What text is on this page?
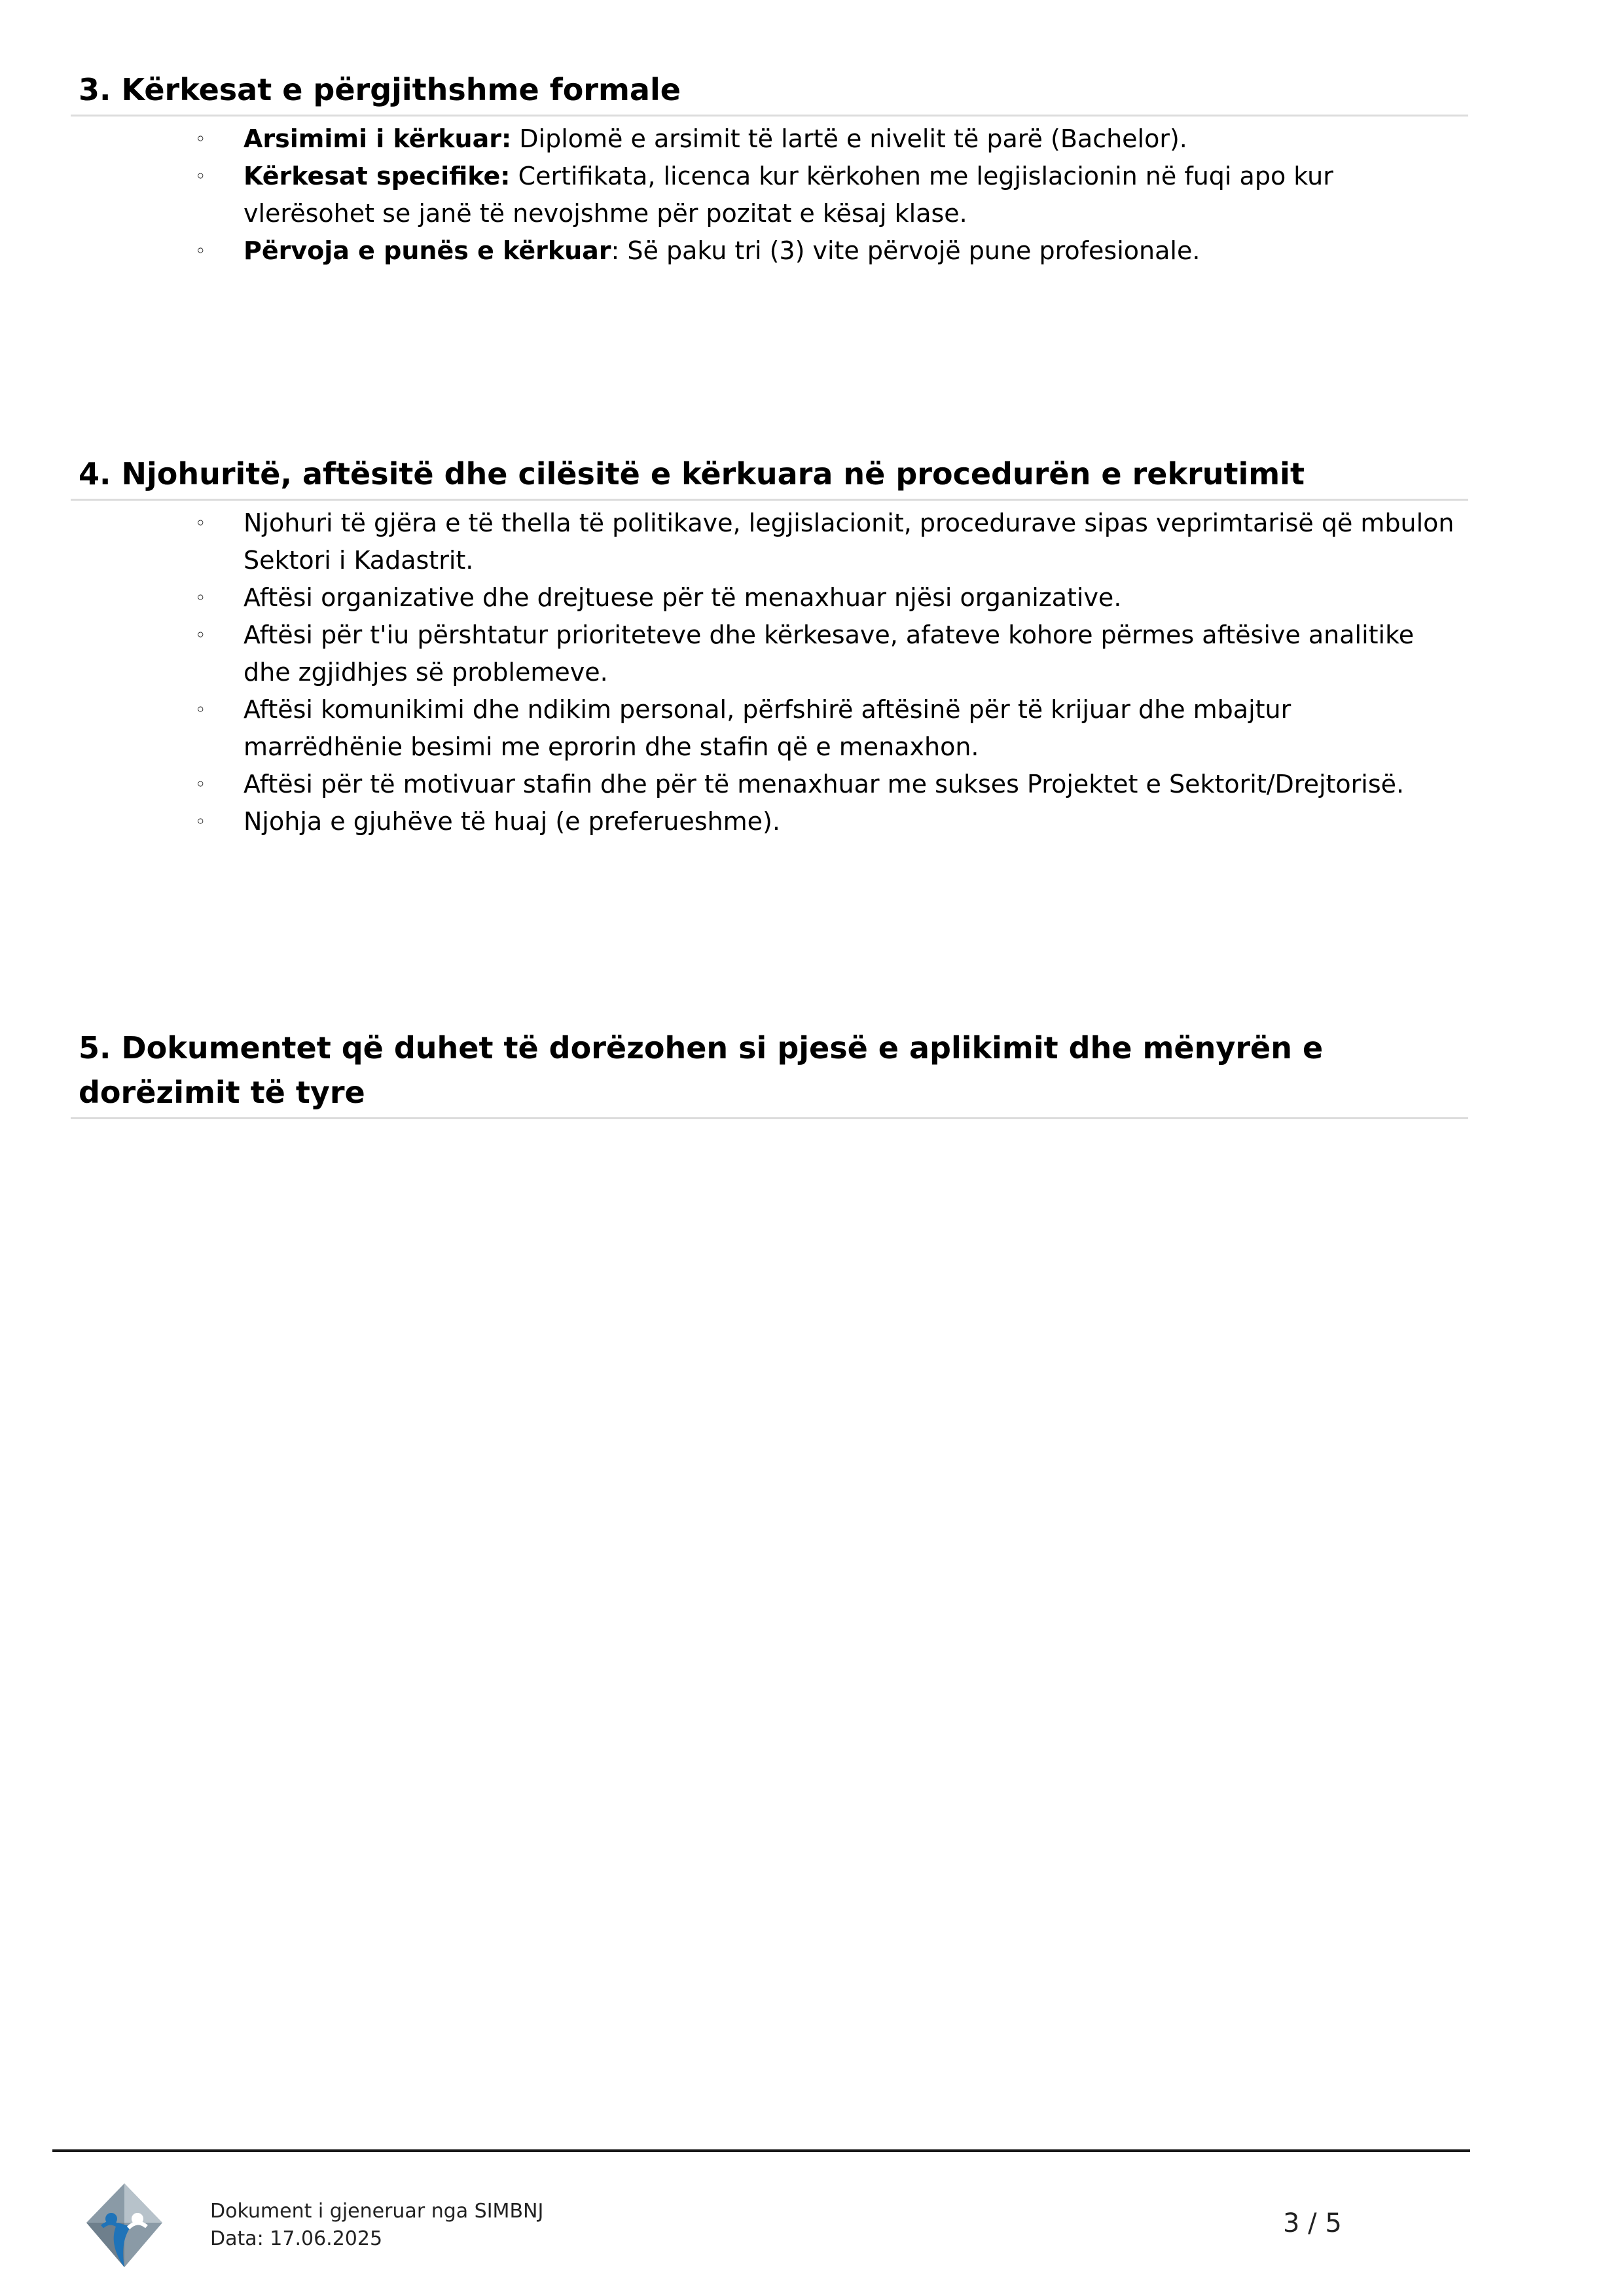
3. Kërkesat e përgjithshme formale
◦ Arsimimi i kërkuar: Diplomë e arsimit të lartë e nivelit të parë (Bachelor).
◦ Kërkesat specifike: Certifikata, licenca kur kërkohen me legjislacionin në fuqi apo kur vlerësohet se janë të nevojshme për pozitat e kësaj klase.
◦ Përvoja e punës e kërkuar: Së paku tri (3) vite përvojë pune profesionale.
4. Njohuritë, aftësitë dhe cilësitë e kërkuara në procedurën e rekrutimit
◦ Njohuri të gjëra e të thella të politikave, legjislacionit, procedurave sipas veprimtarisë që mbulon Sektori i Kadastrit.
◦ Aftësi organizative dhe drejtuese për të menaxhuar njësi organizative.
◦ Aftësi për t'iu përshtatur prioriteteve dhe kërkesave, afateve kohore përmes aftësive analitike dhe zgjidhjes së problemeve.
◦ Aftësi komunikimi dhe ndikim personal, përfshirë aftësinë për të krijuar dhe mbajtur marrëdhënie besimi me eprorin dhe stafin që e menaxhon.
◦ Aftësi për të motivuar stafin dhe për të menaxhuar me sukses Projektet e Sektorit/Drejtorisë.
◦ Njohja e gjuhëve të huaj (e preferueshme).
5. Dokumentet që duhet të dorëzohen si pjesë e aplikimit dhe mënyrën e dorëzimit të tyre
Dokument i gjeneruar nga SIMBNJ
Data: 17.06.2025
3 / 5
